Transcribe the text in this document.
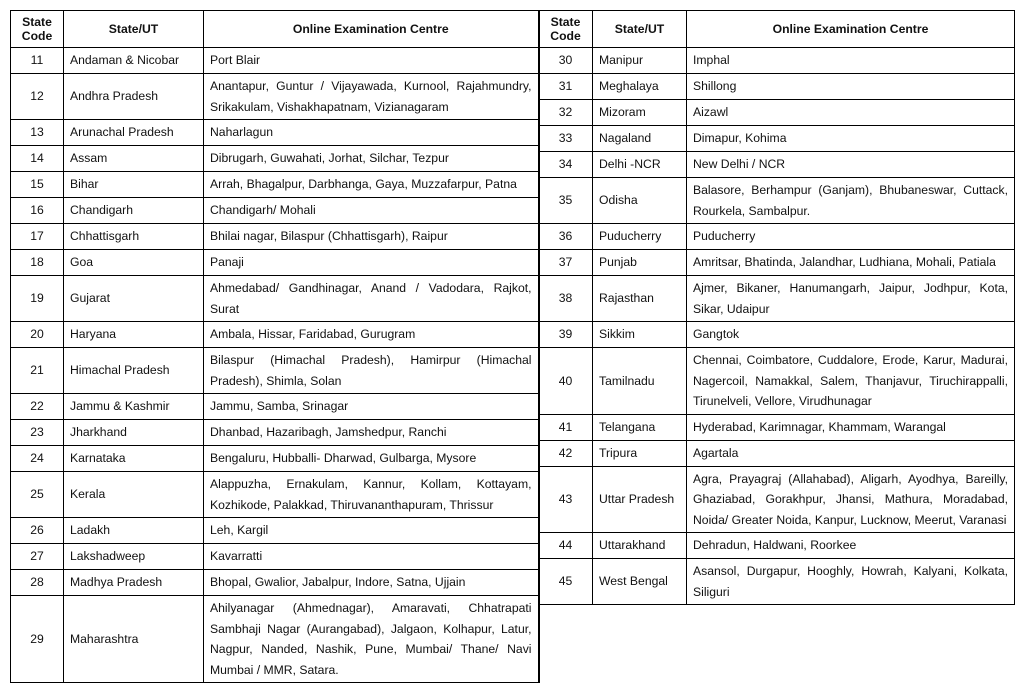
State
Code	State/UT	Online Examination Centre
11	Andaman & Nicobar	Port Blair
12	Andhra Pradesh	Anantapur, Guntur / Vijayawada, Kurnool, Rajahmundry, Srikakulam, Vishakhapatnam, Vizianagaram
13	Arunachal Pradesh	Naharlagun
14	Assam	Dibrugarh, Guwahati, Jorhat, Silchar, Tezpur
15	Bihar	Arrah, Bhagalpur, Darbhanga, Gaya, Muzzafarpur, Patna
16	Chandigarh	Chandigarh/ Mohali
17	Chhattisgarh	Bhilai nagar, Bilaspur (Chhattisgarh), Raipur
18	Goa	Panaji
19	Gujarat	Ahmedabad/ Gandhinagar, Anand / Vadodara, Rajkot, Surat
20	Haryana	Ambala, Hissar, Faridabad, Gurugram
21	Himachal Pradesh	Bilaspur (Himachal Pradesh), Hamirpur (Himachal Pradesh), Shimla, Solan
22	Jammu & Kashmir	Jammu, Samba, Srinagar
23	Jharkhand	Dhanbad, Hazaribagh, Jamshedpur, Ranchi
24	Karnataka	Bengaluru, Hubballi- Dharwad, Gulbarga, Mysore
25	Kerala	Alappuzha, Ernakulam, Kannur, Kollam, Kottayam, Kozhikode, Palakkad, Thiruvananthapuram, Thrissur
26	Ladakh	Leh, Kargil
27	Lakshadweep	Kavarratti
28	Madhya Pradesh	Bhopal, Gwalior, Jabalpur, Indore, Satna, Ujjain
29	Maharashtra	Ahilyanagar (Ahmednagar), Amaravati, Chhatrapati Sambhaji Nagar (Aurangabad), Jalgaon, Kolhapur, Latur, Nagpur, Nanded, Nashik, Pune, Mumbai/ Thane/ Navi Mumbai / MMR, Satara.
State
Code	State/UT	Online Examination Centre
30	Manipur	Imphal
31	Meghalaya	Shillong
32	Mizoram	Aizawl
33	Nagaland	Dimapur, Kohima
34	Delhi -NCR	New Delhi / NCR
35	Odisha	Balasore, Berhampur (Ganjam), Bhubaneswar, Cuttack, Rourkela, Sambalpur.
36	Puducherry	Puducherry
37	Punjab	Amritsar, Bhatinda, Jalandhar, Ludhiana, Mohali, Patiala
38	Rajasthan	Ajmer, Bikaner, Hanumangarh, Jaipur, Jodhpur, Kota, Sikar, Udaipur
39	Sikkim	Gangtok
40	Tamilnadu	Chennai, Coimbatore, Cuddalore, Erode, Karur, Madurai, Nagercoil, Namakkal, Salem, Thanjavur, Tiruchirappalli, Tirunelveli, Vellore, Virudhunagar
41	Telangana	Hyderabad, Karimnagar, Khammam, Warangal
42	Tripura	Agartala
43	Uttar Pradesh	Agra, Prayagraj (Allahabad), Aligarh, Ayodhya, Bareilly, Ghaziabad, Gorakhpur, Jhansi, Mathura, Moradabad, Noida/ Greater Noida, Kanpur, Lucknow, Meerut, Varanasi
44	Uttarakhand	Dehradun, Haldwani, Roorkee
45	West Bengal	Asansol, Durgapur, Hooghly, Howrah, Kalyani, Kolkata, Siliguri
